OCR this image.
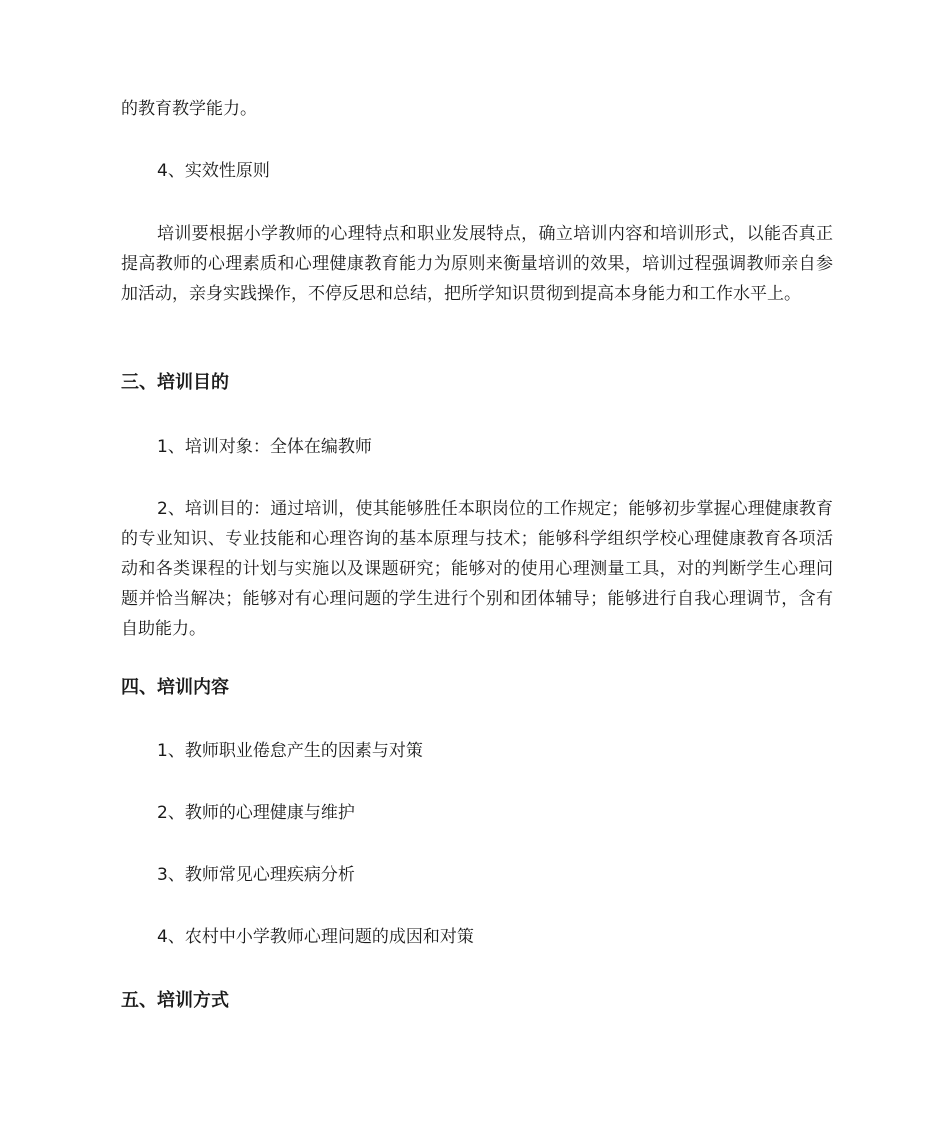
的教育教学能力。

4、实效性原则

培训要根据小学教师的心理特点和职业发展特点，确立培训内容和培训形式，以能否真正提高教师的心理素质和心理健康教育能力为原则来衡量培训的效果，培训过程强调教师亲自参加活动，亲身实践操作，不停反思和总结，把所学知识贯彻到提高本身能力和工作水平上。

三、培训目的

1、培训对象：全体在编教师

2、培训目的：通过培训，使其能够胜任本职岗位的工作规定；能够初步掌握心理健康教育的专业知识、专业技能和心理咨询的基本原理与技术；能够科学组织学校心理健康教育各项活动和各类课程的计划与实施以及课题研究；能够对的使用心理测量工具，对的判断学生心理问题并恰当解决；能够对有心理问题的学生进行个别和团体辅导；能够进行自我心理调节，含有自助能力。

四、培训内容

1、教师职业倦怠产生的因素与对策

2、教师的心理健康与维护

3、教师常见心理疾病分析

4、农村中小学教师心理问题的成因和对策

五、培训方式
